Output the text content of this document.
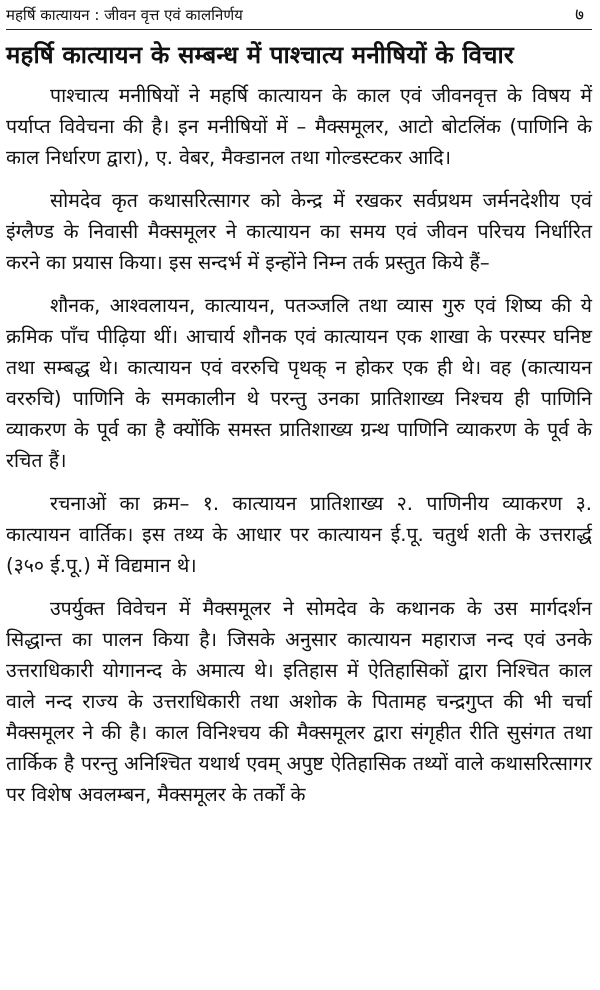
महर्षि कात्यायन : जीवन वृत्त एवं कालनिर्णय	७
महर्षि कात्यायन के सम्बन्ध में पाश्चात्य मनीषियों के विचार

पाश्चात्य मनीषियों ने महर्षि कात्यायन के काल एवं जीवनवृत्त के विषय में पर्याप्त विवेचना की है। इन मनीषियों में – मैक्समूलर, आटो बोटलिंक (पाणिनि के काल निर्धारण द्वारा), ए. वेबर, मैक्डानल तथा गोल्डस्टकर आदि।

सोमदेव कृत कथासरित्सागर को केन्द्र में रखकर सर्वप्रथम जर्मनदेशीय एवं इंग्लैण्ड के निवासी मैक्समूलर ने कात्यायन का समय एवं जीवन परिचय निर्धारित करने का प्रयास किया। इस सन्दर्भ में इन्होंने निम्न तर्क प्रस्तुत किये हैं–

शौनक, आश्वलायन, कात्यायन, पतञ्जलि तथा व्यास गुरु एवं शिष्य की ये क्रमिक पाँच पीढ़िया थीं। आचार्य शौनक एवं कात्यायन एक शाखा के परस्पर घनिष्ट तथा सम्बद्ध थे। कात्यायन एवं वररुचि पृथक् न होकर एक ही थे। वह (कात्यायन वररुचि) पाणिनि के समकालीन थे परन्तु उनका प्रातिशाख्य निश्चय ही पाणिनि व्याकरण के पूर्व का है क्योंकि समस्त प्रातिशाख्य ग्रन्थ पाणिनि व्याकरण के पूर्व के रचित हैं।

रचनाओं का क्रम– १. कात्यायन प्रातिशाख्य २. पाणिनीय व्याकरण ३. कात्यायन वार्तिक। इस तथ्य के आधार पर कात्यायन ई.पू. चतुर्थ शती के उत्तरार्द्ध (३५० ई.पू.) में विद्यमान थे।

उपर्युक्त विवेचन में मैक्समूलर ने सोमदेव के कथानक के उस मार्गदर्शन सिद्धान्त का पालन किया है। जिसके अनुसार कात्यायन महाराज नन्द एवं उनके उत्तराधिकारी योगानन्द के अमात्य थे। इतिहास में ऐतिहासिकों द्वारा निश्चित काल वाले नन्द राज्य के उत्तराधिकारी तथा अशोक के पितामह चन्द्रगुप्त की भी चर्चा मैक्समूलर ने की है। काल विनिश्चय की मैक्समूलर द्वारा संगृहीत रीति सुसंगत तथा तार्किक है परन्तु अनिश्चित यथार्थ एवम् अपुष्ट ऐतिहासिक तथ्यों वाले कथासरित्सागर पर विशेष अवलम्बन, मैक्समूलर के तर्कों के
